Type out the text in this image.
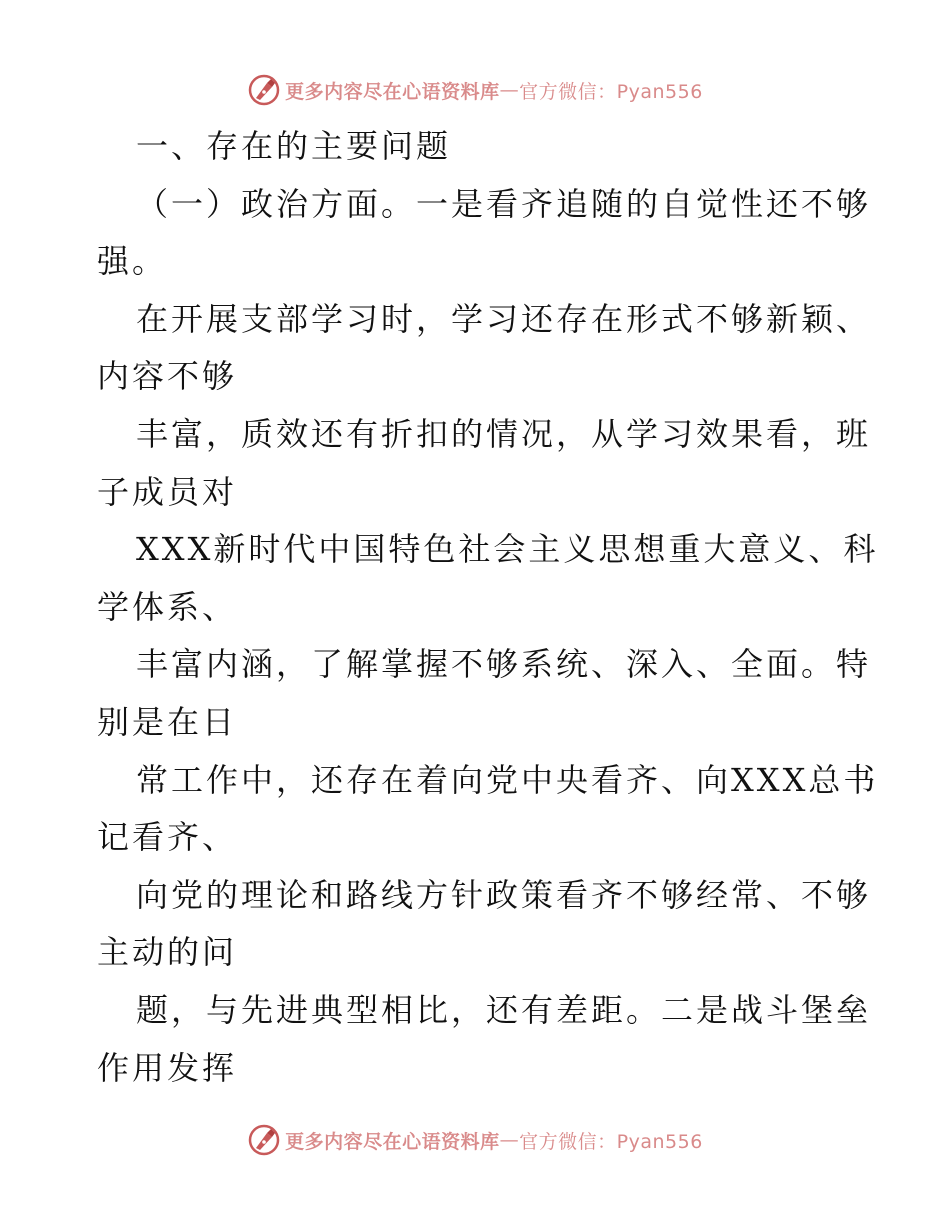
更多内容尽在心语资料库 — 官方微信：Pyan556
一、存在的主要问题
（一）政治方面。一是看齐追随的自觉性还不够
强。
在开展支部学习时，学习还存在形式不够新颖、
内容不够
丰富，质效还有折扣的情况，从学习效果看，班
子成员对
XXX新时代中国特色社会主义思想重大意义、科
学体系、
丰富内涵，了解掌握不够系统、深入、全面。特
别是在日
常工作中，还存在着向党中央看齐、向XXX总书
记看齐、
向党的理论和路线方针政策看齐不够经常、不够
主动的问
题，与先进典型相比，还有差距。二是战斗堡垒
作用发挥
更多内容尽在心语资料库 — 官方微信：Pyan556
